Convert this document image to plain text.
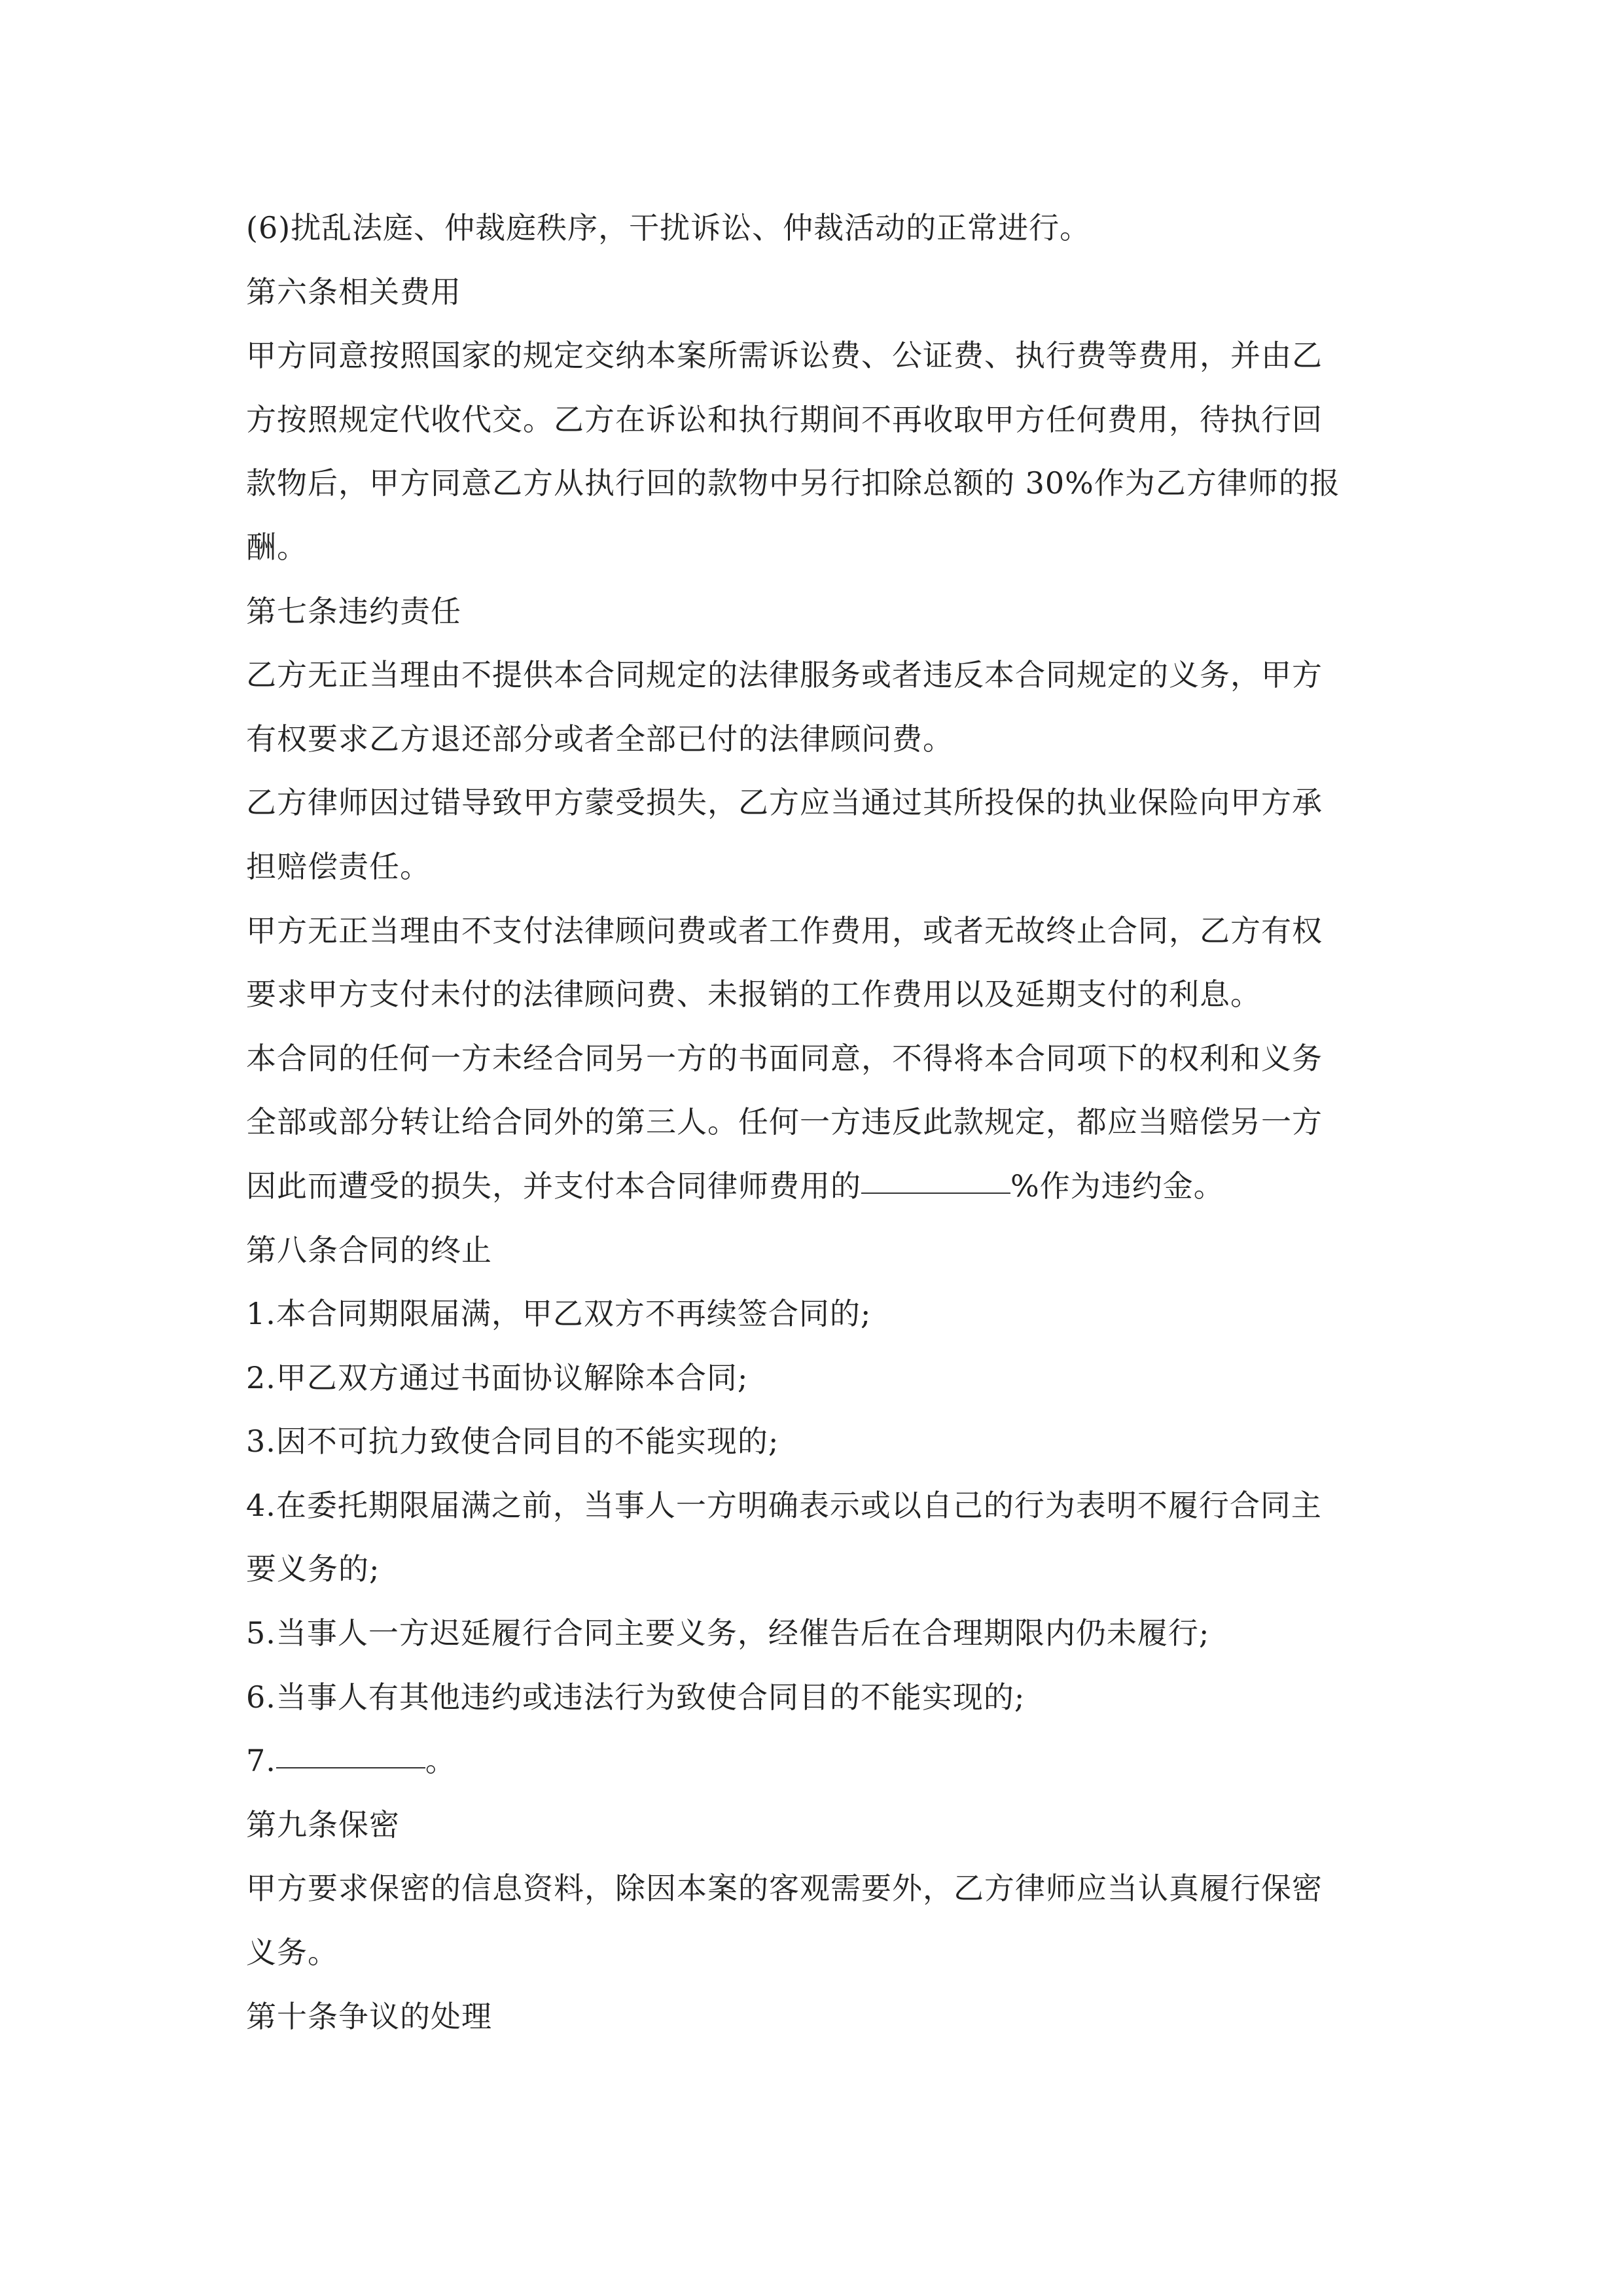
(6)扰乱法庭、仲裁庭秩序，干扰诉讼、仲裁活动的正常进行。
第六条相关费用
甲方同意按照国家的规定交纳本案所需诉讼费、公证费、执行费等费用，并由乙
方按照规定代收代交。乙方在诉讼和执行期间不再收取甲方任何费用，待执行回
款物后，甲方同意乙方从执行回的款物中另行扣除总额的 30%作为乙方律师的报
酬。
第七条违约责任
乙方无正当理由不提供本合同规定的法律服务或者违反本合同规定的义务，甲方
有权要求乙方退还部分或者全部已付的法律顾问费。
乙方律师因过错导致甲方蒙受损失，乙方应当通过其所投保的执业保险向甲方承
担赔偿责任。
甲方无正当理由不支付法律顾问费或者工作费用，或者无故终止合同，乙方有权
要求甲方支付未付的法律顾问费、未报销的工作费用以及延期支付的利息。
本合同的任何一方未经合同另一方的书面同意，不得将本合同项下的权利和义务
全部或部分转让给合同外的第三人。任何一方违反此款规定，都应当赔偿另一方
因此而遭受的损失，并支付本合同律师费用的	%作为违约金。
第八条合同的终止
1.本合同期限届满，甲乙双方不再续签合同的;
2.甲乙双方通过书面协议解除本合同;
3.因不可抗力致使合同目的不能实现的;
4.在委托期限届满之前，当事人一方明确表示或以自己的行为表明不履行合同主
要义务的;
5.当事人一方迟延履行合同主要义务，经催告后在合理期限内仍未履行;
6.当事人有其他违约或违法行为致使合同目的不能实现的;
7.	。
第九条保密
甲方要求保密的信息资料，除因本案的客观需要外，乙方律师应当认真履行保密
义务。
第十条争议的处理
